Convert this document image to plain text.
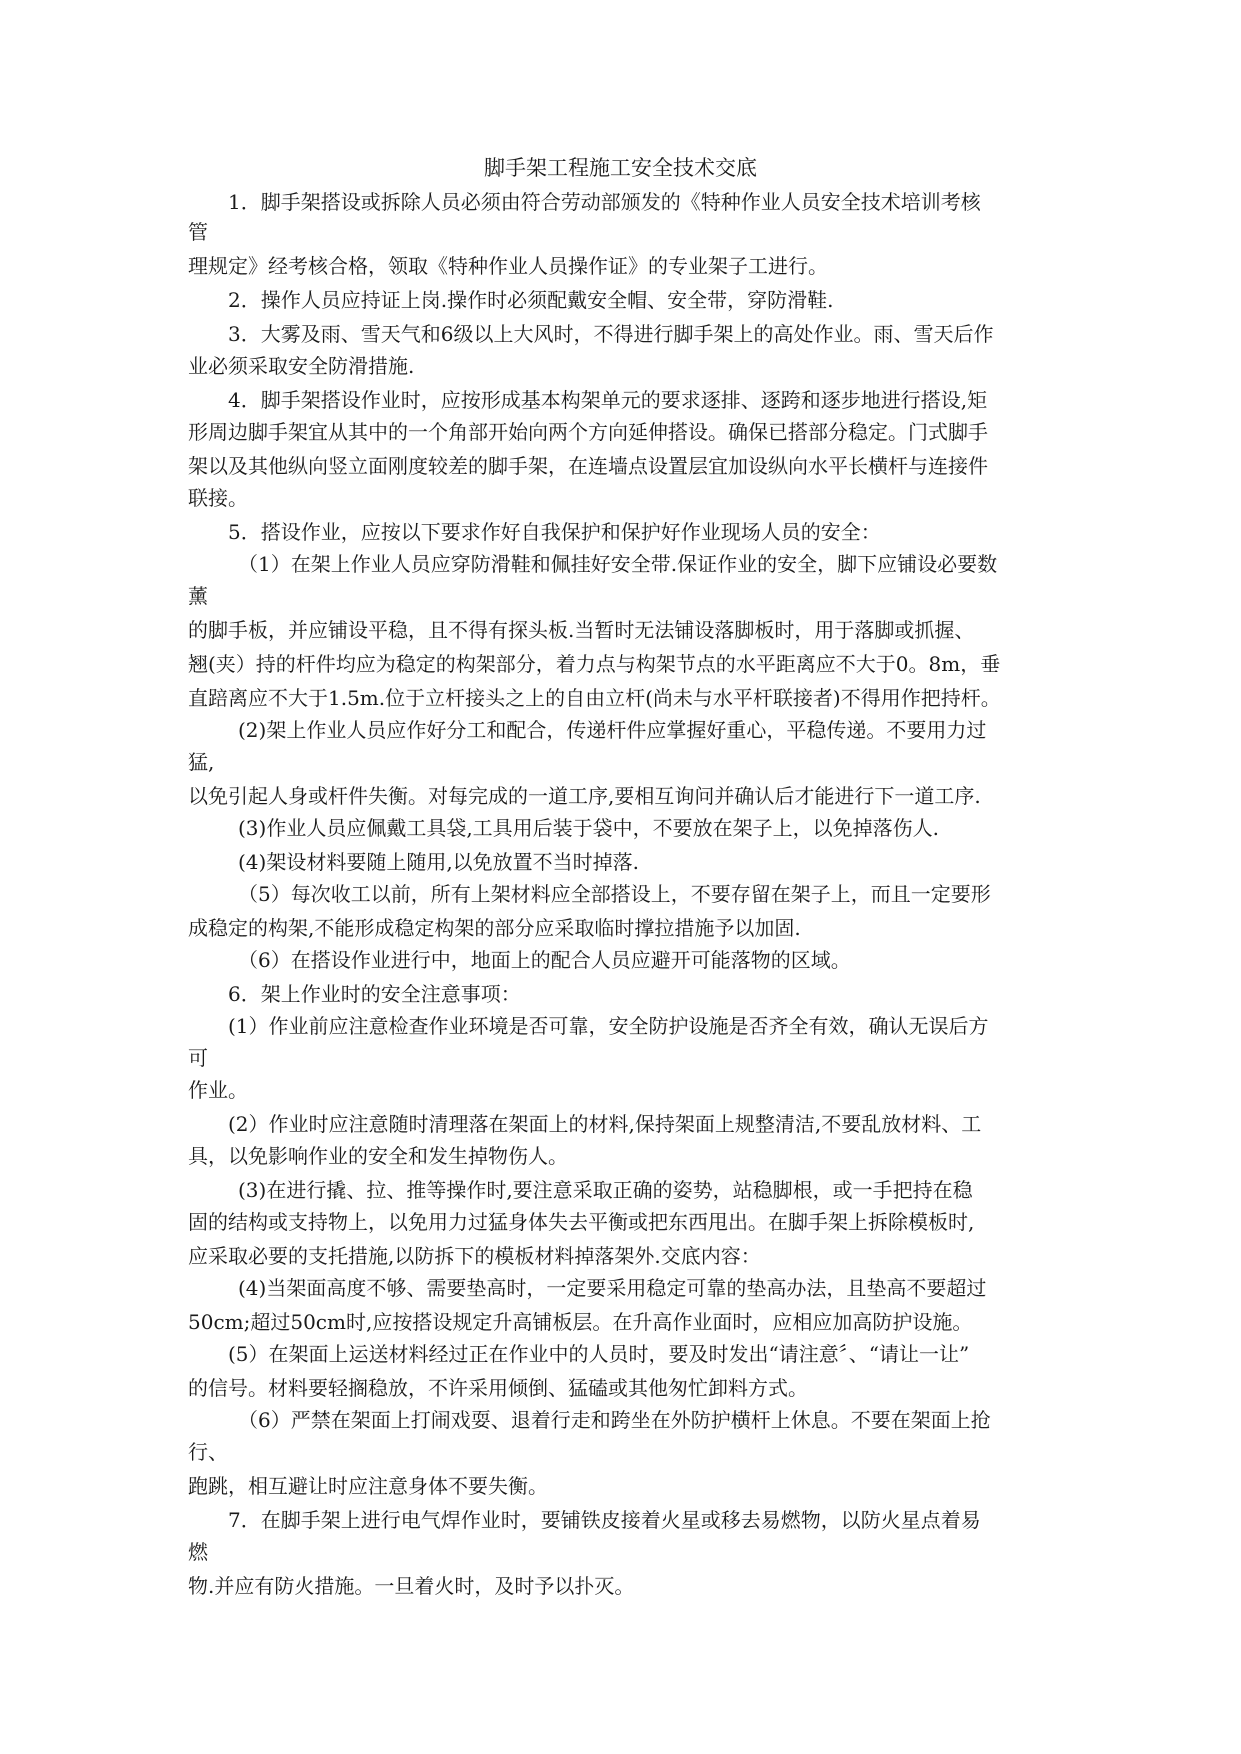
脚手架工程施工安全技术交底
1．脚手架搭设或拆除人员必须由符合劳动部颁发的《特种作业人员安全技术培训考核
管
理规定》经考核合格，领取《特种作业人员操作证》的专业架子工进行。
2．操作人员应持证上岗.操作时必须配戴安全帽、安全带，穿防滑鞋.
3．大雾及雨、雪天气和6级以上大风时，不得进行脚手架上的高处作业。雨、雪天后作
业必须采取安全防滑措施.
4．脚手架搭设作业时，应按形成基本构架单元的要求逐排、逐跨和逐步地进行搭设,矩
形周边脚手架宜从其中的一个角部开始向两个方向延伸搭设。确保已搭部分稳定。门式脚手
架以及其他纵向竖立面刚度较差的脚手架，在连墙点设置层宜加设纵向水平长横杆与连接件
联接。
5．搭设作业，应按以下要求作好自我保护和保护好作业现场人员的安全：
（1）在架上作业人员应穿防滑鞋和佩挂好安全带.保证作业的安全，脚下应铺设必要数
薰
的脚手板，并应铺设平稳，且不得有探头板.当暂时无法铺设落脚板时，用于落脚或抓握、
翘(夹）持的杆件均应为稳定的构架部分，着力点与构架节点的水平距离应不大于0。8m，垂
直踣离应不大于1.5m.位于立杆接头之上的自由立杆(尚未与水平杆联接者)不得用作把持杆。
(2)架上作业人员应作好分工和配合，传递杆件应掌握好重心，平稳传递。不要用力过
猛,
以免引起人身或杆件失衡。对每完成的一道工序,要相互询问并确认后才能进行下一道工序.
(3)作业人员应佩戴工具袋,工具用后装于袋中，不要放在架子上，以免掉落伤人.
(4)架设材料要随上随用,以免放置不当时掉落.
（5）每次收工以前，所有上架材料应全部搭设上，不要存留在架子上，而且一定要形
成稳定的构架,不能形成稳定构架的部分应采取临时撑拉措施予以加固.
（6）在搭设作业进行中，地面上的配合人员应避开可能落物的区域。
6．架上作业时的安全注意事项：
(1）作业前应注意检查作业环境是否可靠，安全防护设施是否齐全有效，确认无误后方
可
作业。
(2）作业时应注意随时清理落在架面上的材料,保持架面上规整清洁,不要乱放材料、工
具，以免影响作业的安全和发生掉物伤人。
(3)在进行撬、拉、推等操作时,要注意采取正确的姿势，站稳脚根，或一手把持在稳
固的结构或支持物上，以免用力过猛身体失去平衡或把东西甩出。在脚手架上拆除模板时,
应采取必要的支托措施,以防拆下的模板材料掉落架外.交底内容：
(4)当架面高度不够、需要垫高时，一定要采用稳定可靠的垫高办法，且垫高不要超过
50cm;超过50cm时,应按搭设规定升高铺板层。在升高作业面时，应相应加高防护设施。
(5）在架面上运送材料经过正在作业中的人员时，要及时发出“请注意〞、“请让一让”
的信号。材料要轻搁稳放，不许采用倾倒、猛磕或其他匆忙卸料方式。
（6）严禁在架面上打闹戏耍、退着行走和跨坐在外防护横杆上休息。不要在架面上抢
行、
跑跳，相互避让时应注意身体不要失衡。
7．在脚手架上进行电气焊作业时，要铺铁皮接着火星或移去易燃物，以防火星点着易
燃
物.并应有防火措施。一旦着火时，及时予以扑灭。
